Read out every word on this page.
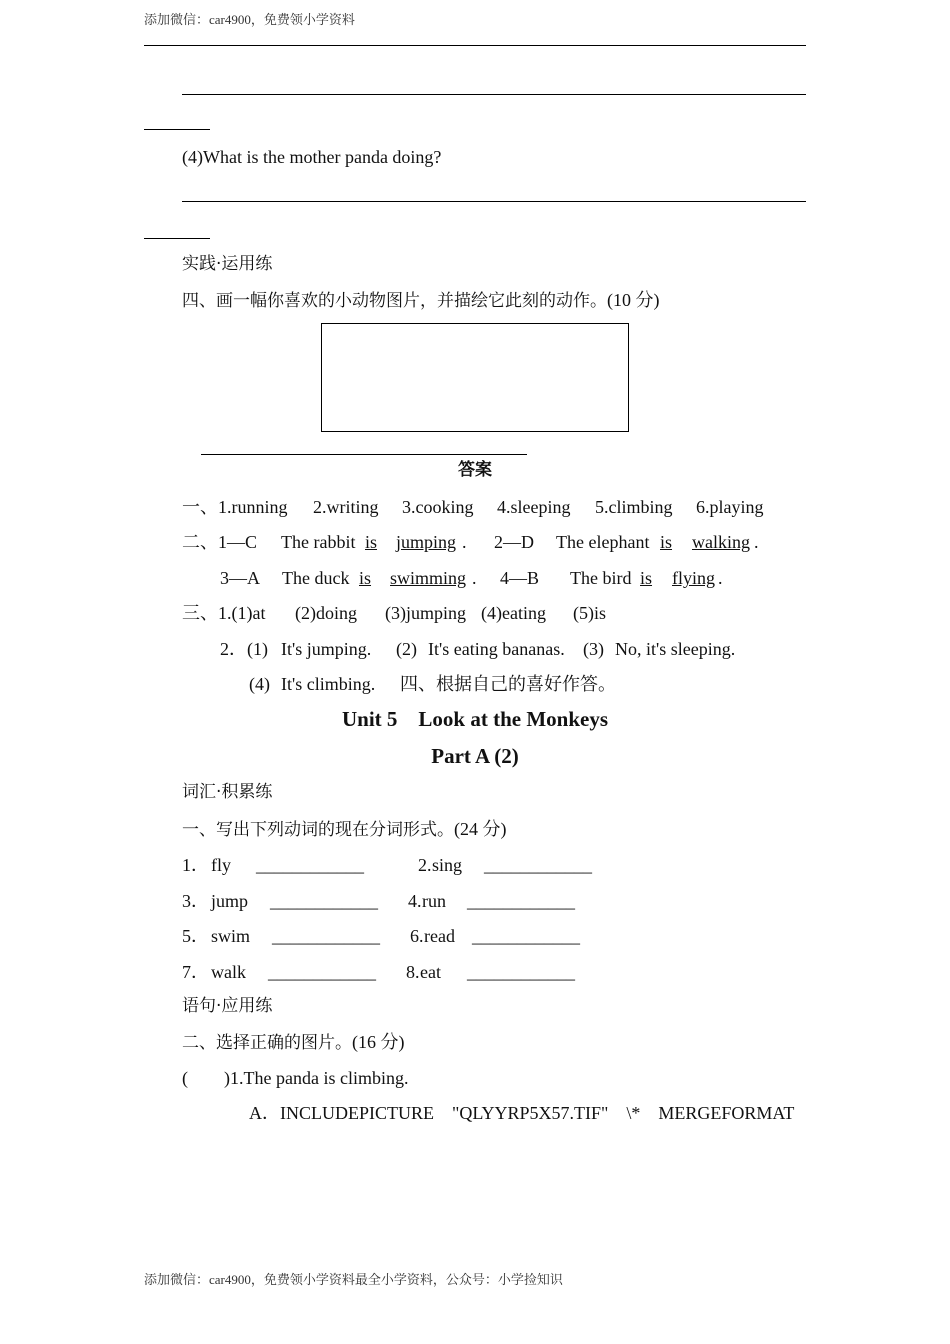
添加微信：car4900，免费领小学资料
(4)What is the mother panda doing?
实践·运用练
四、画一幅你喜欢的小动物图片，并描绘它此刻的动作。(10 分)
答案
一、1.running 2.writing 3.cooking 4.sleeping 5.climbing 6.playing
二、1—C The rabbit is jumping . 2—D The elephant is walking .
3—A The duck is swimming . 4—B The bird is flying .
三、1.(1)at (2)doing (3)jumping (4)eating (5)is
2．(1) It's jumping. (2) It's eating bananas. (3) No, it's sleeping.
(4) It's climbing. 四、根据自己的喜好作答。
Unit 5　Look at the Monkeys
Part A (2)
词汇·积累练
一、写出下列动词的现在分词形式。(24 分)
1． fly ____________	2. sing ____________
3． jump ____________ 4. run ____________
5． swim ____________ 6. read ____________
7． walk ____________ 8. eat ____________
语句·应用练
二、选择正确的图片。(16 分)
(　　)1.The panda is climbing.
A．INCLUDEPICTURE　"QLYYRP5X57.TIF"　\*　MERGEFORMAT
添加微信：car4900，免费领小学资料最全小学资料，公众号：小学捡知识
